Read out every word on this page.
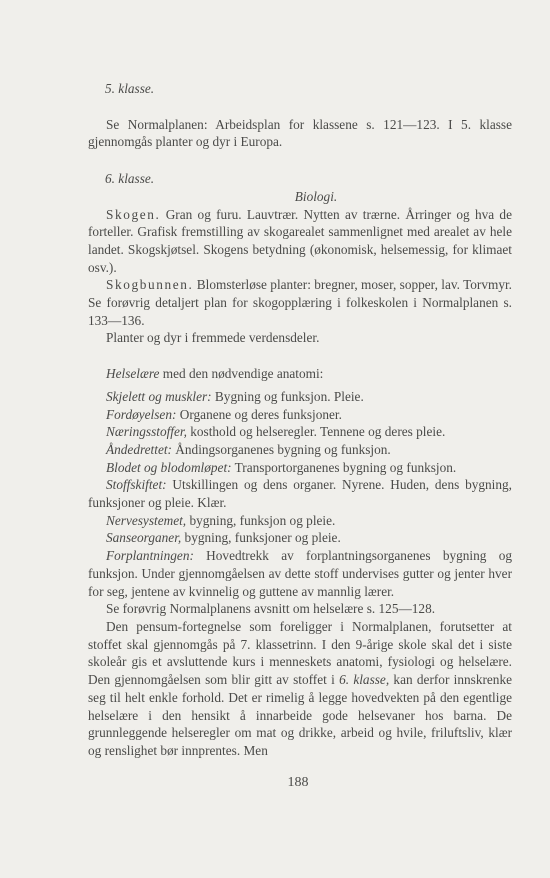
5. klasse.

Se Normalplanen: Arbeidsplan for klassene s. 121—123. I 5. klasse gjennomgås planter og dyr i Europa.

6. klasse.

Biologi.

Skogen. Gran og furu. Lauvtrær. Nytten av trærne. Årringer og hva de forteller. Grafisk fremstilling av skogarealet sammenlignet med arealet av hele landet. Skogskjøtsel. Skogens betydning (økonomisk, helsemessig, for klimaet osv.).

Skogbunnen. Blomsterløse planter: bregner, moser, sopper, lav. Torvmyr. Se forøvrig detaljert plan for skogopplæring i folkeskolen i Normalplanen s. 133—136.

Planter og dyr i fremmede verdensdeler.

Helselære med den nødvendige anatomi:

Skjelett og muskler: Bygning og funksjon. Pleie.

Fordøyelsen: Organene og deres funksjoner.

Næringsstoffer, kosthold og helseregler. Tennene og deres pleie.

Åndedrettet: Åndingsorganenes bygning og funksjon.

Blodet og blodomløpet: Transportorganenes bygning og funksjon.

Stoffskiftet: Utskillingen og dens organer. Nyrene. Huden, dens bygning, funksjoner og pleie. Klær.

Nervesystemet, bygning, funksjon og pleie.

Sanseorganer, bygning, funksjoner og pleie.

Forplantningen: Hovedtrekk av forplantningsorganenes bygning og funksjon. Under gjennomgåelsen av dette stoff undervises gutter og jenter hver for seg, jentene av kvinnelig og guttene av mannlig lærer.

Se forøvrig Normalplanens avsnitt om helselære s. 125—128.

Den pensum-fortegnelse som foreligger i Normalplanen, forutsetter at stoffet skal gjennomgås på 7. klassetrinn. I den 9-årige skole skal det i siste skoleår gis et avsluttende kurs i menneskets anatomi, fysiologi og helselære. Den gjennomgåelsen som blir gitt av stoffet i 6. klasse, kan derfor innskrenke seg til helt enkle forhold. Det er rimelig å legge hovedvekten på den egentlige helselære i den hensikt å innarbeide gode helsevaner hos barna. De grunnleggende helseregler om mat og drikke, arbeid og hvile, friluftsliv, klær og renslighet bør innprentes. Men

188
